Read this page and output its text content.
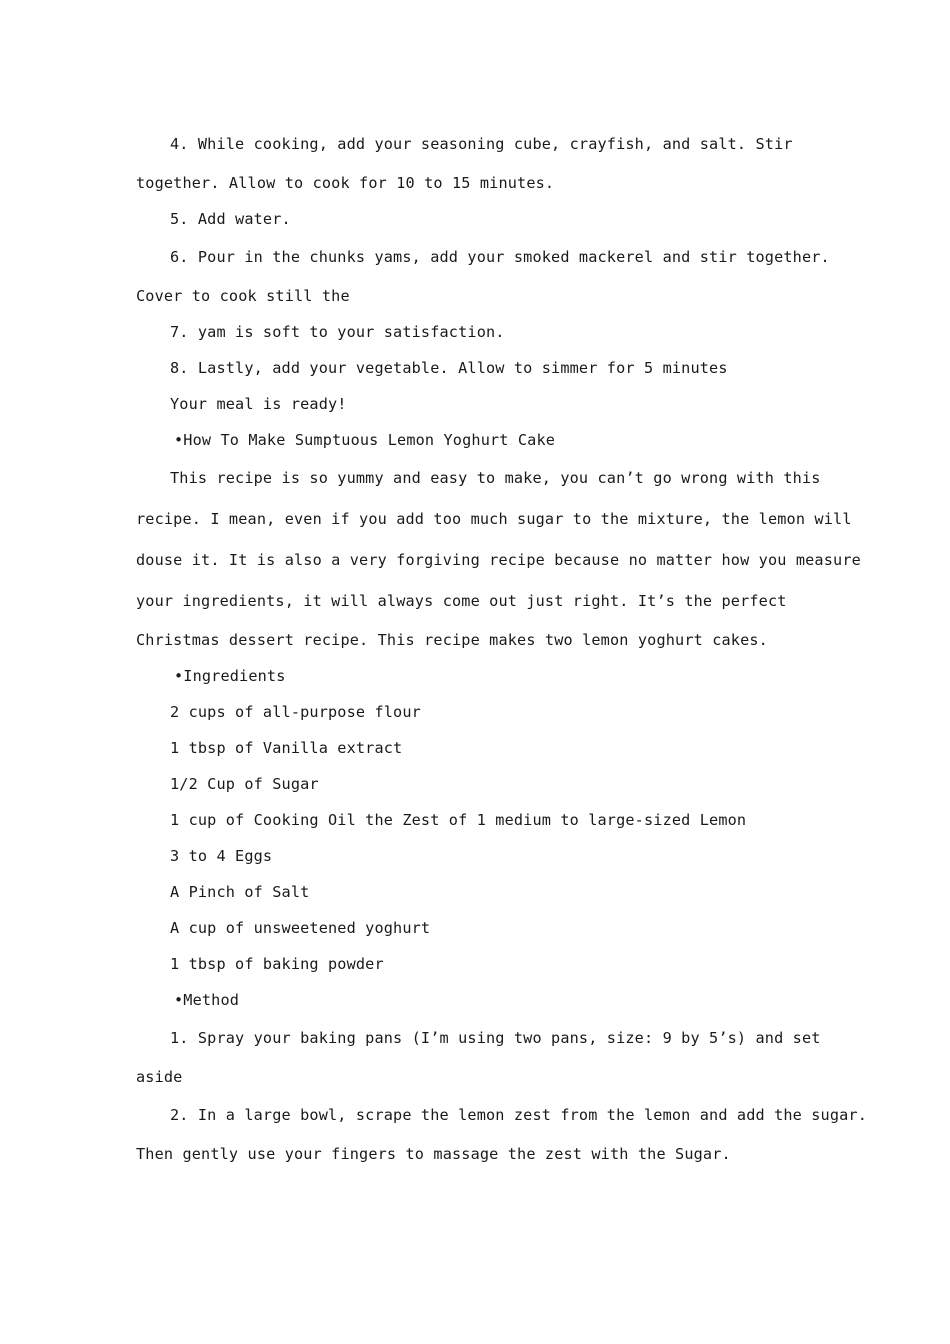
4. While cooking, add your seasoning cube, crayfish, and salt. Stir
together. Allow to cook for 10 to 15 minutes.

5. Add water.

6. Pour in the chunks yams, add your smoked mackerel and stir together.
Cover to cook still the

7. yam is soft to your satisfaction.

8. Lastly, add your vegetable. Allow to simmer for 5 minutes

Your meal is ready!

•How To Make Sumptuous Lemon Yoghurt Cake

This recipe is so yummy and easy to make, you can’t go wrong with this
recipe. I mean, even if you add too much sugar to the mixture, the lemon will
douse it. It is also a very forgiving recipe because no matter how you measure
your ingredients, it will always come out just right. It’s the perfect
Christmas dessert recipe. This recipe makes two lemon yoghurt cakes.

•Ingredients

2 cups of all-purpose flour

1 tbsp of Vanilla extract

1/2 Cup of Sugar

1 cup of Cooking Oil the Zest of 1 medium to large-sized Lemon

3 to 4 Eggs

A Pinch of Salt

A cup of unsweetened yoghurt

1 tbsp of baking powder

•Method

1. Spray your baking pans (I’m using two pans, size: 9 by 5’s) and set
aside

2. In a large bowl, scrape the lemon zest from the lemon and add the sugar.
Then gently use your fingers to massage the zest with the Sugar.
